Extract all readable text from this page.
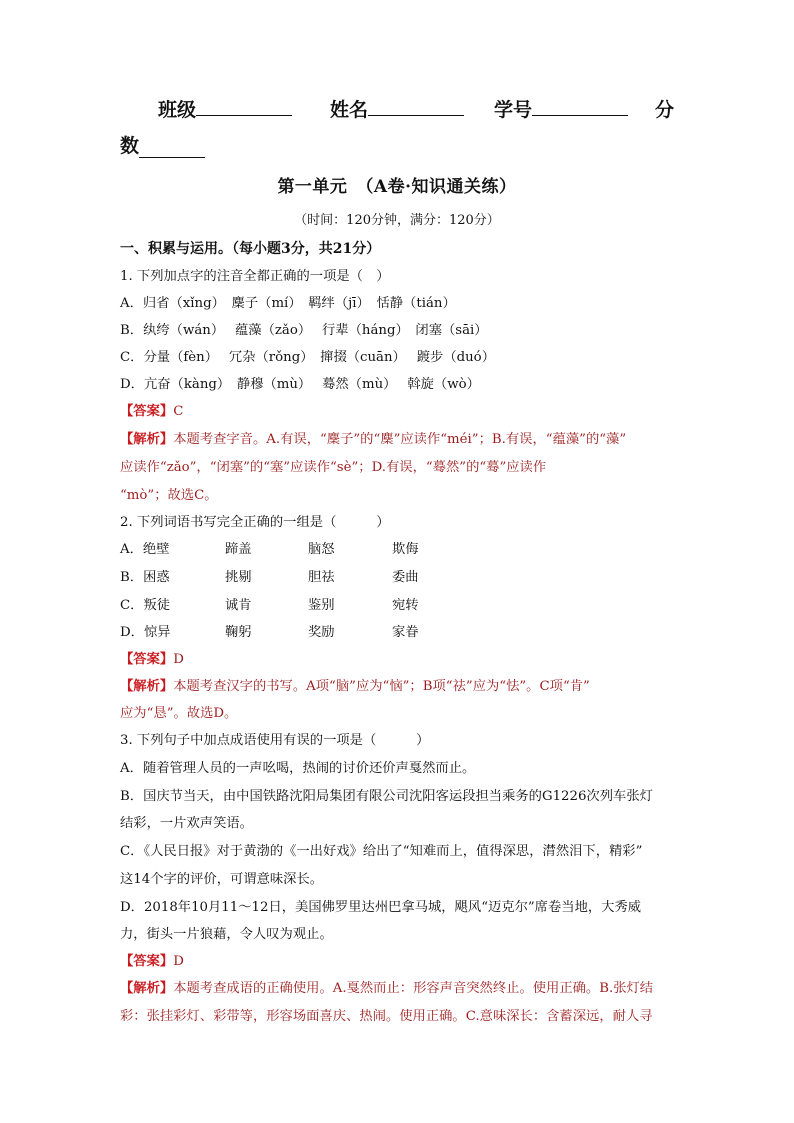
班级	姓名	学号	分
数
第一单元　（A卷·知识通关练）
（时间：120分钟，满分：120分）
一、积累与运用。（每小题3分，共21分）
1. 下列加点字的注音全都正确的一项是（　）
A．归省（xǐng）　麇子（mí）　羁绊（jī）　恬静（tián）
B．纨绔（wán）　 蕴藻（zǎo）　 行辈（háng）　闭塞（sāi）
C．分量（fèn）　 冗杂（rǒng）　撺掇（cuān）　 踱步（duó）
D．亢奋（kàng）　静穆（mù）　 蓦然（mù）　 斡旋（wò）
【答案】C
【解析】本题考查字音。A.有误，“麇子”的“麇”应读作“méi”；B.有误，“蕴藻”的“藻”
应读作“zǎo”，“闭塞”的“塞”应读作“sè”；D.有误，“蓦然”的“蓦”应读作
“mò”；故选C。
2. 下列词语书写完全正确的一组是（　　　）
A．绝壁	蹄盖	脑怒	欺侮
B．困惑	挑剔	胆祛	委曲
C．叛徒	诚肯	鉴别	宛转
D．惊异	鞠躬	奖励	家眷
【答案】D
【解析】本题考查汉字的书写。A项“脑”应为“恼”；B项“祛”应为“怯”。C项“肯”
应为“恳”。故选D。
3. 下列句子中加点成语使用有误的一项是（　　　）
A．随着管理人员的一声吆喝，热闹的讨价还价声戛然而止。
B．国庆节当天，由中国铁路沈阳局集团有限公司沈阳客运段担当乘务的G1226次列车张灯
结彩，一片欢声笑语。
C．《人民日报》对于黄渤的《一出好戏》给出了“知难而上，值得深思，潸然泪下，精彩”
这14个字的评价，可谓意味深长。
D．2018年10月11～12日，美国佛罗里达州巴拿马城，飓风“迈克尔”席卷当地，大秀威
力，街头一片狼藉，令人叹为观止。
【答案】D
【解析】本题考查成语的正确使用。A.戛然而止：形容声音突然终止。使用正确。B.张灯结
彩：张挂彩灯、彩带等，形容场面喜庆、热闹。使用正确。C.意味深长：含蓄深远，耐人寻
